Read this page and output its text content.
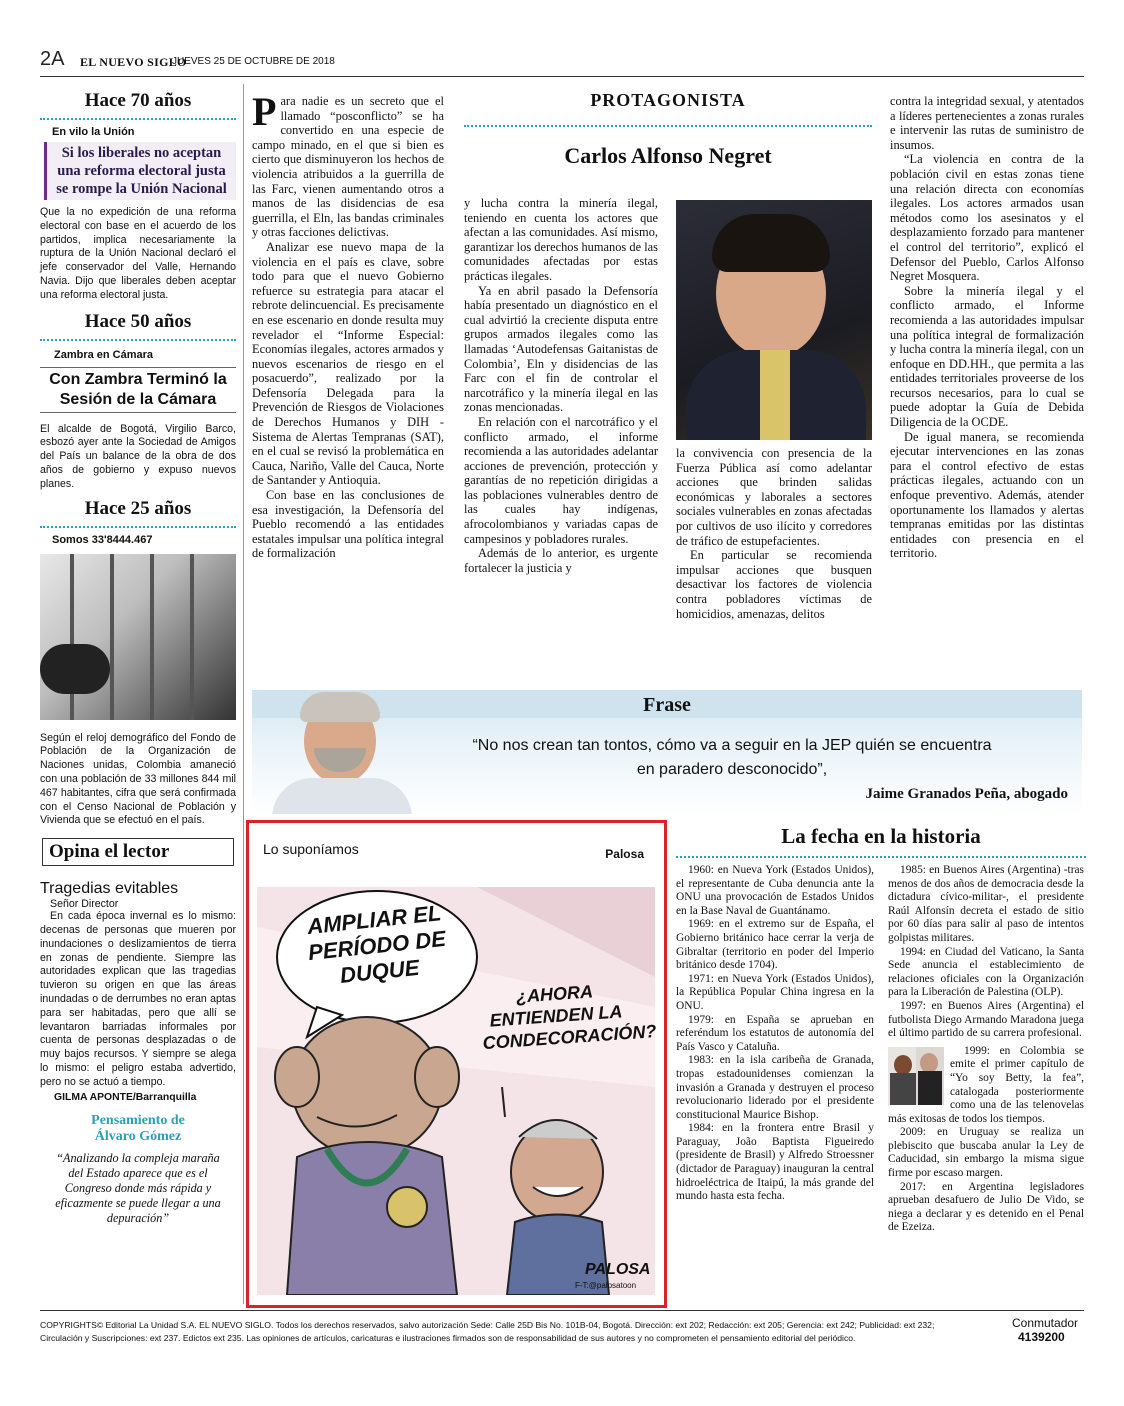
2A EL NUEVO SIGLO
JUEVES 25 DE OCTUBRE DE 2018
Hace 70 años
En vilo la Unión
Si los liberales no aceptan una reforma electoral justa se rompe la Unión Nacional
Que la no expedición de una reforma electoral con base en el acuerdo de los partidos, implica necesariamente la ruptura de la Unión Nacional declaró el jefe conservador del Valle, Hernando Navia. Dijo que liberales deben aceptar una reforma electoral justa.
Hace 50 años
Zambra en Cámara
Con Zambra Terminó la Sesión de la Cámara
El alcalde de Bogotá, Virgilio Barco, esbozó ayer ante la Sociedad de Amigos del País un balance de la obra de dos años de gobierno y expuso nuevos planes.
Hace 25 años
Somos 33'8444.467
Según el reloj demográfico del Fondo de Población de la Organización de Naciones unidas, Colombia amaneció con una población de 33 millones 844 mil 467 habitantes, cifra que será confirmada con el Censo Nacional de Población y Vivienda que se efectuó en el país.
Opina el lector
Tragedias evitables
Señor Director
En cada época invernal es lo mismo: decenas de personas que mueren por inundaciones o deslizamientos de tierra en zonas de pendiente. Siempre las autoridades explican que las tragedias tuvieron su origen en que las áreas inundadas o de derrumbes no eran aptas para ser habitadas, pero que allí se levantaron barriadas informales por cuenta de personas desplazadas o de muy bajos recursos. Y siempre se alega lo mismo: el peligro estaba advertido, pero no se actuó a tiempo.
GILMA APONTE/Barranquilla
Pensamiento de
Álvaro Gómez
“Analizando la compleja maraña del Estado aparece que es el Congreso donde más rápida y eficazmente se puede llegar a una depuración”
P ara nadie es un secreto que el llamado “posconflicto” se ha convertido en una especie de campo minado, en el que si bien es cierto que disminuyeron los hechos de violencia atribuidos a la guerrilla de las Farc, vienen aumentando otros a manos de las disidencias de esa guerrilla, el Eln, las bandas criminales y otras facciones delictivas.

Analizar ese nuevo mapa de la violencia en el país es clave, sobre todo para que el nuevo Gobierno refuerce su estrategia para atacar el rebrote delincuencial. Es precisamente en ese escenario en donde resulta muy revelador el “Informe Especial: Economías ilegales, actores armados y nuevos escenarios de riesgo en el posacuerdo”, realizado por la Defensoría Delegada para la Prevención de Riesgos de Violaciones de Derechos Humanos y DIH - Sistema de Alertas Tempranas (SAT), en el cual se revisó la problemática en Cauca, Nariño, Valle del Cauca, Norte de Santander y Antioquia.

Con base en las conclusiones de esa investigación, la Defensoría del Pueblo recomendó a las entidades estatales impulsar una política integral de formalización

PROTAGONISTA
Carlos Alfonso Negret
y lucha contra la minería ilegal, teniendo en cuenta los actores que afectan a las comunidades. Así mismo, garantizar los derechos humanos de las comunidades afectadas por estas prácticas ilegales.

Ya en abril pasado la Defensoría había presentado un diagnóstico en el cual advirtió la creciente disputa entre grupos armados ilegales como las llamadas ‘Autodefensas Gaitanistas de Colombia’, Eln y disidencias de las Farc con el fin de controlar el narcotráfico y la minería ilegal en las zonas mencionadas.

En relación con el narcotráfico y el conflicto armado, el informe recomienda a las autoridades adelantar acciones de prevención, protección y garantías de no repetición dirigidas a las poblaciones vulnerables dentro de las cuales hay indígenas, afrocolombianos y variadas capas de campesinos y pobladores rurales.

Además de lo anterior, es urgente fortalecer la justicia y

la convivencia con presencia de la Fuerza Pública así como adelantar acciones que brinden salidas económicas y laborales a sectores sociales vulnerables en zonas afectadas por cultivos de uso ilícito y corredores de tráfico de estupefacientes.

En particular se recomienda impulsar acciones que busquen desactivar los factores de violencia contra pobladores víctimas de homicidios, amenazas, delitos

contra la integridad sexual, y atentados a líderes pertenecientes a zonas rurales e intervenir las rutas de suministro de insumos.

“La violencia en contra de la población civil en estas zonas tiene una relación directa con economías ilegales. Los actores armados usan métodos como los asesinatos y el desplazamiento forzado para mantener el control del territorio”, explicó el Defensor del Pueblo, Carlos Alfonso Negret Mosquera.

Sobre la minería ilegal y el conflicto armado, el Informe recomienda a las autoridades impulsar una política integral de formalización y lucha contra la minería ilegal, con un enfoque en DD.HH., que permita a las entidades territoriales proveerse de los recursos necesarios, para lo cual se puede adoptar la Guía de Debida Diligencia de la OCDE.

De igual manera, se recomienda ejecutar intervenciones en las zonas para el control efectivo de estas prácticas ilegales, actuando con un enfoque preventivo. Además, atender oportunamente los llamados y alertas tempranas emitidas por las distintas entidades con presencia en el territorio.

Frase
“No nos crean tan tontos, cómo va a seguir en la JEP quién se encuentra
en paradero desconocido”,
Jaime Granados Peña, abogado
Lo suponíamos	Palosa
AMPLIAR EL PERÍODO DE DUQUE
¿AHORA ENTIENDEN LA CONDECORACIÓN?
PALOSA
F-T:@palosatoon
La fecha en la historia

1960: en Nueva York (Estados Unidos), el representante de Cuba denuncia ante la ONU una provocación de Estados Unidos en la Base Naval de Guantánamo.

1969: en el extremo sur de España, el Gobierno británico hace cerrar la verja de Gibraltar (territorio en poder del Imperio británico desde 1704).

1971: en Nueva York (Estados Unidos), la República Popular China ingresa en la ONU.

1979: en España se aprueban en referéndum los estatutos de autonomía del País Vasco y Cataluña.

1983: en la isla caribeña de Granada, tropas estadounidenses comienzan la invasión a Granada y destruyen el proceso revolucionario liderado por el presidente constitucional Maurice Bishop.

1984: en la frontera entre Brasil y Paraguay, João Baptista Figueiredo (presidente de Brasil) y Alfredo Stroessner (dictador de Paraguay) inauguran la central hidroeléctrica de Itaipú, la más grande del mundo hasta esta fecha.

1985: en Buenos Aires (Argentina) -tras menos de dos años de democracia desde la dictadura cívico-militar-, el presidente Raúl Alfonsín decreta el estado de sitio por 60 días para salir al paso de intentos golpistas militares.

1994: en Ciudad del Vaticano, la Santa Sede anuncia el establecimiento de relaciones oficiales con la Organización para la Liberación de Palestina (OLP).

1997: en Buenos Aires (Argentina) el futbolista Diego Armando Maradona juega el último partido de su carrera profesional.

1999: en Colombia se emite el primer capítulo de “Yo soy Betty, la fea”, catalogada posteriormente como una de las telenovelas más exitosas de todos los tiempos.

2009: en Uruguay se realiza un plebiscito que buscaba anular la Ley de Caducidad, sin embargo la misma sigue firme por escaso margen.

2017: en Argentina legisladores aprueban desafuero de Julio De Vido, se niega a declarar y es detenido en el Penal de Ezeiza.

COPYRIGHTS© Editorial La Unidad S.A. EL NUEVO SIGLO. Todos los derechos reservados, salvo autorización Sede: Calle 25D Bis No. 101B-04, Bogotá. Dirección: ext 202; Redacción: ext 205; Gerencia: ext 242; Publicidad: ext 232;
Circulación y Suscripciones: ext 237. Edictos ext 235. Las opiniones de artículos, caricaturas e ilustraciones firmados son de responsabilidad de sus autores y no comprometen el pensamiento editorial del periódico.
Conmutador
4139200
